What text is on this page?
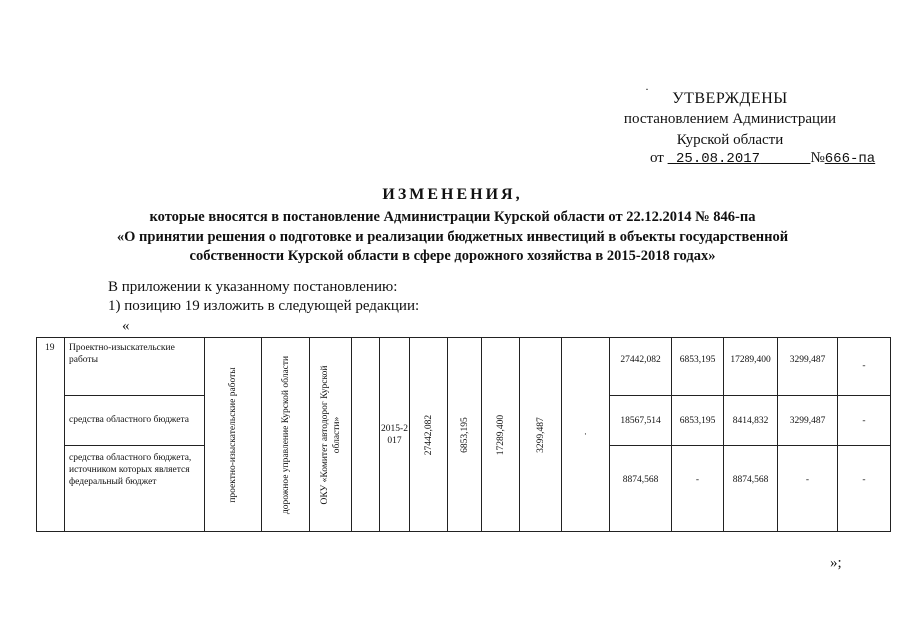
·
УТВЕРЖДЕНЫ
постановлением Администрации
Курской области
от 25.08.2017	№666-па
ИЗМЕНЕНИЯ,
которые вносятся в постановление Администрации Курской области от 22.12.2014 № 846-па
«О принятии решения о подготовке и реализации бюджетных инвестиций в объекты государственной
собственности Курской области в сфере дорожного хозяйства в 2015-2018 годах»
В приложении к указанному постановлению:
1) позицию 19 изложить в следующей редакции:
«
19	Проектно-изыскательские работы	проектно-изыскательские работы	дорожное управление Курской области	ОКУ «Комитет автодорог Курской области»		2015-2017	27442,082	6853,195	17289,400	3299,487	·	27442,082	6853,195	17289,400	3299,487	-
	средства областного бюджета											18567,514	6853,195	8414,832	3299,487	-
	средства областного бюджета, источником которых является федеральный бюджет											8874,568	-	8874,568	-	-
»;
